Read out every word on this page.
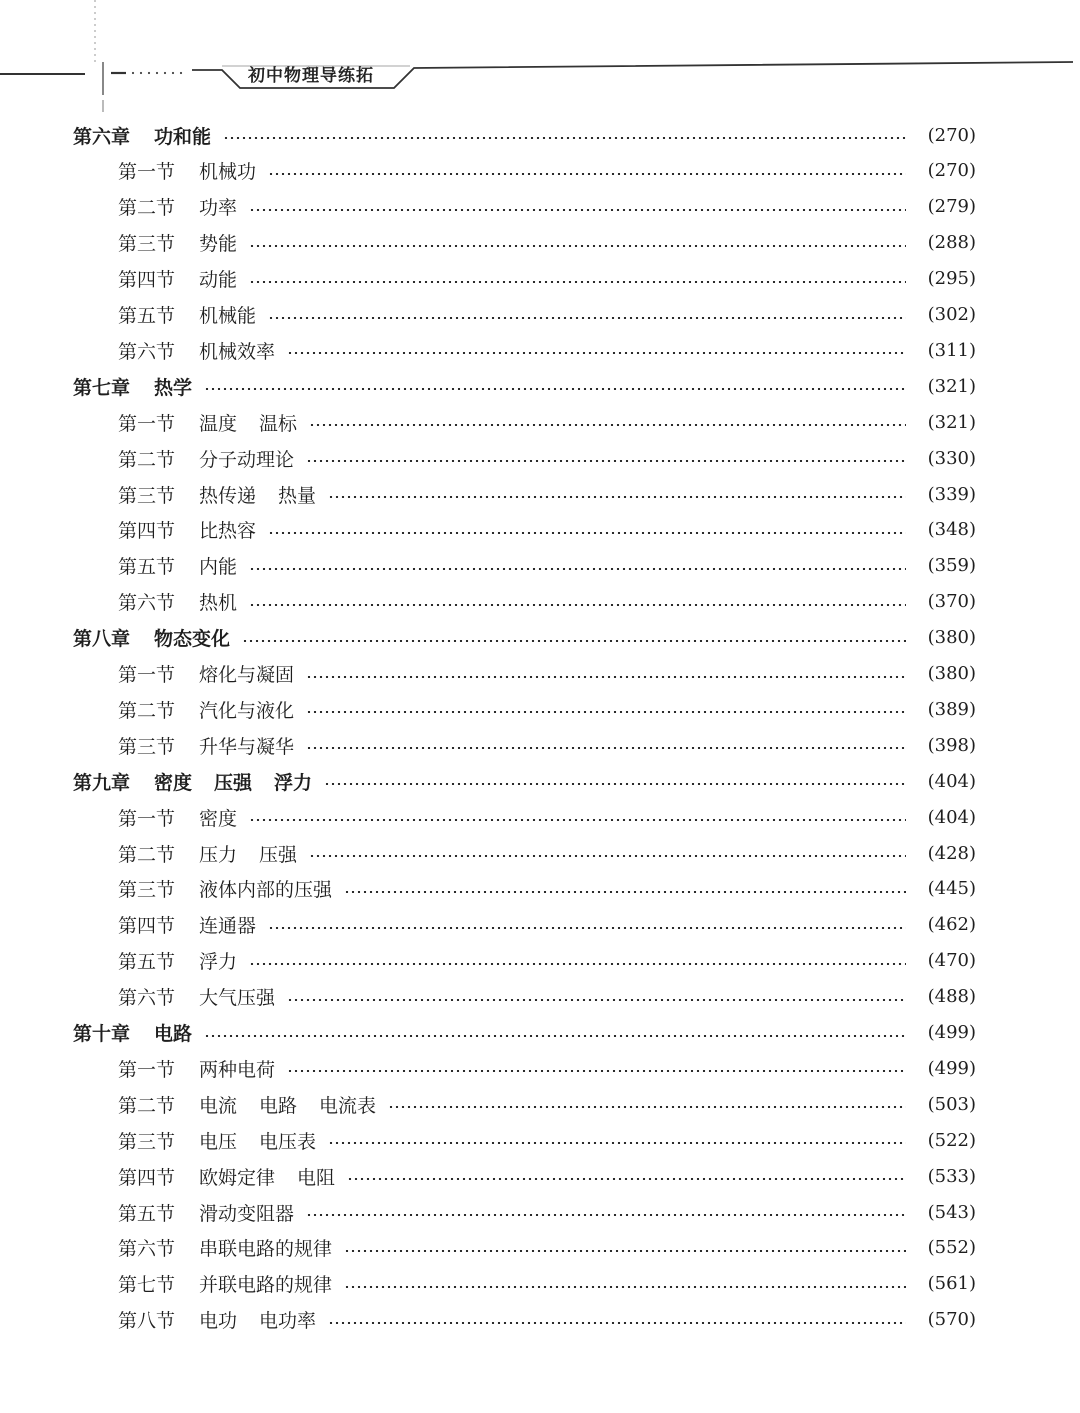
初中物理导练拓
第六章 功和能	(270)
第一节 机械功	(270)
第二节 功率	(279)
第三节 势能	(288)
第四节 动能	(295)
第五节 机械能	(302)
第六节 机械效率	(311)
第七章 热学	(321)
第一节 温度 温标	(321)
第二节 分子动理论	(330)
第三节 热传递 热量	(339)
第四节 比热容	(348)
第五节 内能	(359)
第六节 热机	(370)
第八章 物态变化	(380)
第一节 熔化与凝固	(380)
第二节 汽化与液化	(389)
第三节 升华与凝华	(398)
第九章 密度 压强 浮力	(404)
第一节 密度	(404)
第二节 压力 压强	(428)
第三节 液体内部的压强	(445)
第四节 连通器	(462)
第五节 浮力	(470)
第六节 大气压强	(488)
第十章 电路	(499)
第一节 两种电荷	(499)
第二节 电流 电路 电流表	(503)
第三节 电压 电压表	(522)
第四节 欧姆定律 电阻	(533)
第五节 滑动变阻器	(543)
第六节 串联电路的规律	(552)
第七节 并联电路的规律	(561)
第八节 电功 电功率	(570)
